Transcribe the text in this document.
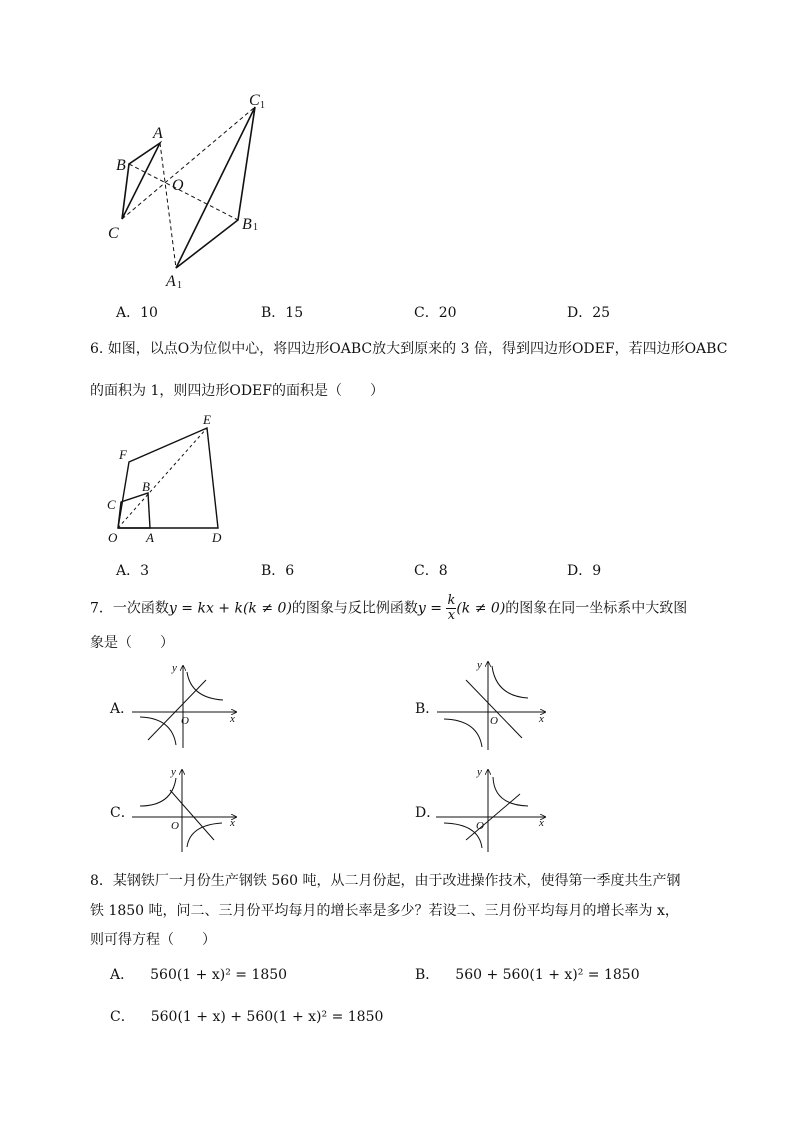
A
B
C
O
C 1
B 1
A 1
A．10	B．15	C．20	D．25
6. 如图，以点O为位似中心，将四边形OABC放大到原来的 3 倍，得到四边形ODEF，若四边形OABC
的面积为 1，则四边形ODEF的面积是（　　）
E
F
B
C
O A	D
A．3	B．6	C．8	D．9
7．一次函数y = kx + k(k ≠ 0)的图象与反比例函数$y = \frac{k}{x} (k \ne 0)$的图象在同一坐标系中大致图
象是（　　）
A．	B．
C．	D．
y
x
O
y
x
O
y
x
O
y
x
O
8．某钢铁厂一月份生产钢铁 560 吨，从二月份起，由于改进操作技术，使得第一季度共生产钢
铁 1850 吨，问二、三月份平均每月的增长率是多少？若设二、三月份平均每月的增长率为 x，
则可得方程（　　）
A． 560(1 + x)² = 1850	B． 560 + 560(1 + x)² = 1850
C． 560(1 + x) + 560(1 + x)² = 1850
